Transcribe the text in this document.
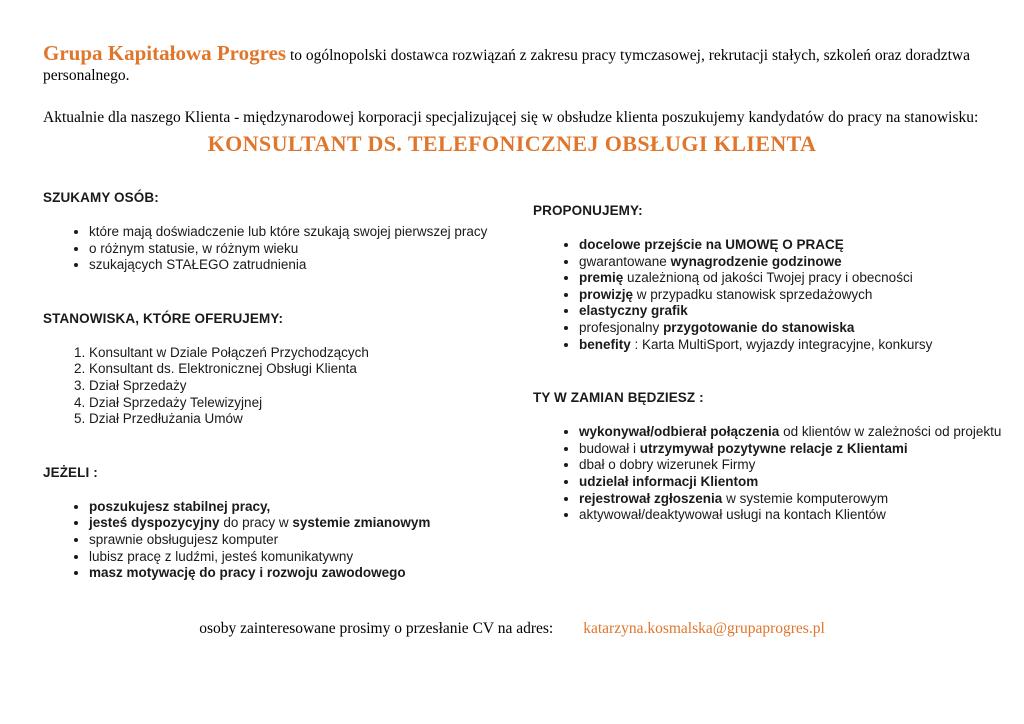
Grupa Kapitałowa Progres to ogólnopolski dostawca rozwiązań z zakresu pracy tymczasowej, rekrutacji stałych, szkoleń oraz doradztwa personalnego.

Aktualnie dla naszego Klienta - międzynarodowej korporacji specjalizującej się w obsłudze klienta poszukujemy kandydatów do pracy na stanowisku:

KONSULTANT DS. TELEFONICZNEJ OBSŁUGI KLIENTA
SZUKAMY OSÓB:
• które mają doświadczenie lub które szukają swojej pierwszej pracy
• o różnym statusie, w różnym wieku
• szukających STAŁEGO zatrudnienia
STANOWISKA, KTÓRE OFERUJEMY:
1. Konsultant w Dziale Połączeń Przychodzących
2. Konsultant ds. Elektronicznej Obsługi Klienta
3. Dział Sprzedaży
4. Dział Sprzedaży Telewizyjnej
5. Dział Przedłużania Umów
JEŻELI :
• poszukujesz stabilnej pracy,
• jesteś dyspozycyjny do pracy w systemie zmianowym
• sprawnie obsługujesz komputer
• lubisz pracę z ludźmi, jesteś komunikatywny
• masz motywację do pracy i rozwoju zawodowego
PROPONUJEMY:
• docelowe przejście na UMOWĘ O PRACĘ
• gwarantowane wynagrodzenie godzinowe
• premię uzależnioną od jakości Twojej pracy i obecności
• prowizję w przypadku stanowisk sprzedażowych
• elastyczny grafik
• profesjonalny przygotowanie do stanowiska
• benefity : Karta MultiSport, wyjazdy integracyjne, konkursy
TY W ZAMIAN BĘDZIESZ :
• wykonywał/odbierał połączenia od klientów w zależności od projektu
• budował i utrzymywał pozytywne relacje z Klientami
• dbał o dobry wizerunek Firmy
• udzielał informacji Klientom
• rejestrował zgłoszenia w systemie komputerowym
• aktywował/deaktywował usługi na kontach Klientów
osoby zainteresowane prosimy o przesłanie CV na adres: katarzyna.kosmalska@grupaprogres.pl
